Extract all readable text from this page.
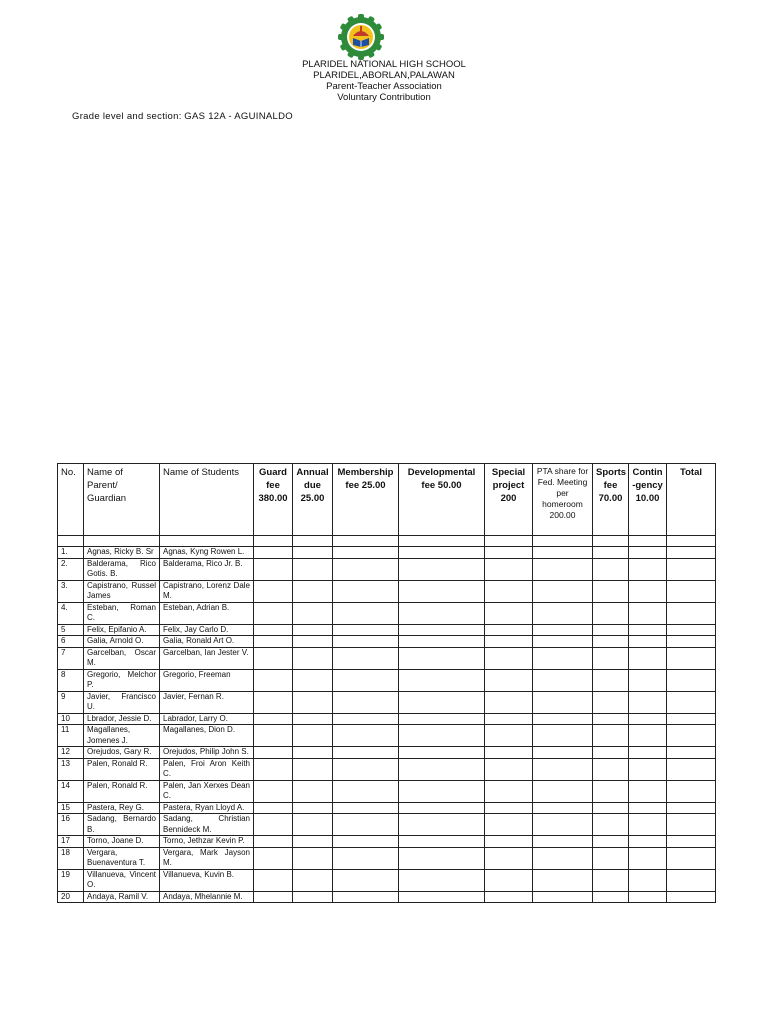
PLARIDEL NATIONAL HIGH SCHOOL
PLARIDEL,ABORLAN,PALAWAN
Parent-Teacher Association
Voluntary Contribution
Grade level and section: GAS 12A - AGUINALDO
No.	Name of Parent/ Guardian	Name of Students	Guard fee 380.00	Annual due 25.00	Membership fee 25.00	Developmental fee 50.00	Special project 200	PTA share for Fed. Meeting per homeroom 200.00	Sports fee 70.00	Contin -gency 10.00	Total

1.	Agnas, Ricky B. Sr	Agnas, Kyng Rowen L.									
2.	Balderama, Rico Gotis. B.	Balderama, Rico Jr. B.									
3.	Capistrano, Russel James	Capistrano, Lorenz Dale M.									
4.	Esteban, Roman C.	Esteban, Adrian B.									
5	Felix, Epifanio A.	Felix, Jay Carlo D.									
6	Galia, Arnold O.	Galia, Ronald Art O.									
7	Garcelban, Oscar M.	Garcelban, Ian Jester V.									
8	Gregorio, Melchor P.	Gregorio, Freeman									
9	Javier, Francisco U.	Javier, Fernan R.									
10	Lbrador, Jessie D.	Labrador, Larry O.									
11	Magallanes, Jomenes J.	Magallanes, Dion D.									
12	Orejudos, Gary R.	Orejudos, Philip John S.									
13	Palen, Ronald R.	Palen, Froi Aron Keith C.									
14	Palen, Ronald R.	Palen, Jan Xerxes Dean C.									
15	Pastera, Rey G.	Pastera, Ryan Lloyd A.									
16	Sadang, Bernardo B.	Sadang, Christian Bennideck M.									
17	Torno, Joane D.	Torno, Jethzar Kevin P.									
18	Vergara, Buenaventura T.	Vergara, Mark Jayson M.									
19	Villanueva, Vincent O.	Villanueva, Kuvin B.									
20	Andaya, Ramil V.	Andaya, Mhelannie M.									
